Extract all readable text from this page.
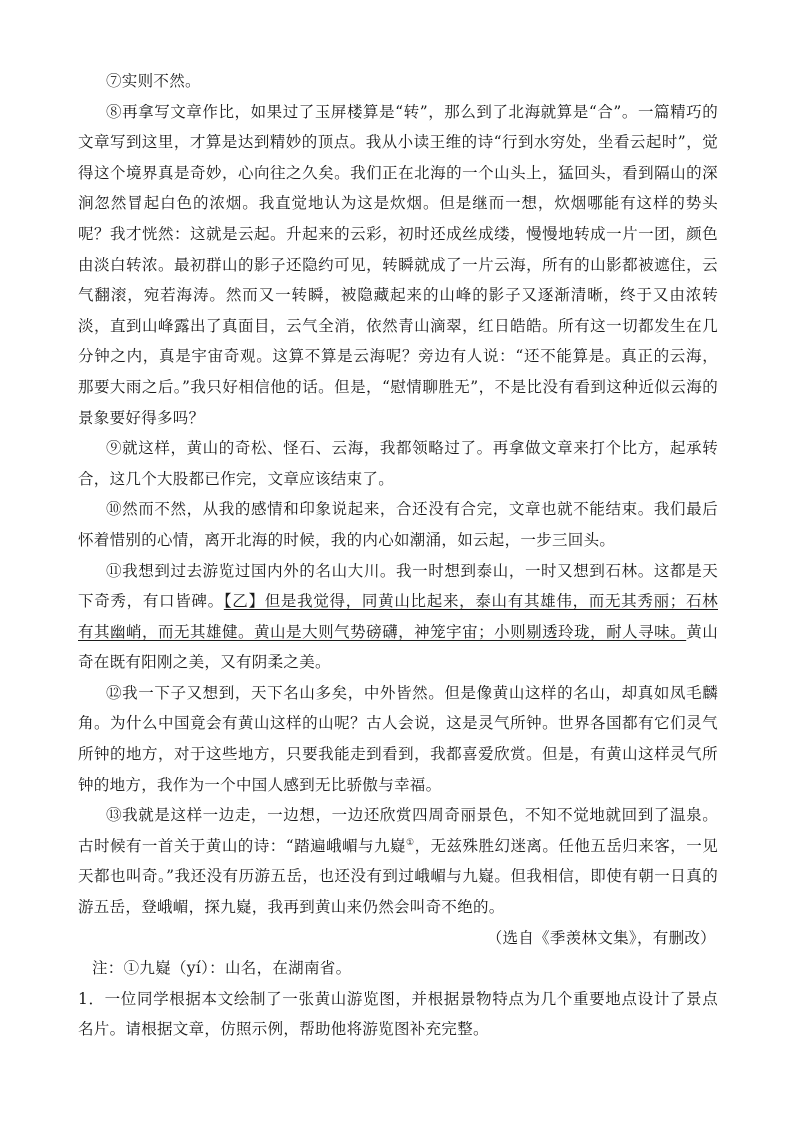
⑦实则不然。

⑧再拿写文章作比，如果过了玉屏楼算是“转”，那么到了北海就算是“合”。一篇精巧的文章写到这里，才算是达到精妙的顶点。我从小读王维的诗“行到水穷处，坐看云起时”，觉得这个境界真是奇妙，心向往之久矣。我们正在北海的一个山头上，猛回头，看到隔山的深涧忽然冒起白色的浓烟。我直觉地认为这是炊烟。但是继而一想，炊烟哪能有这样的势头呢？我才恍然：这就是云起。升起来的云彩，初时还成丝成缕，慢慢地转成一片一团，颜色由淡白转浓。最初群山的影子还隐约可见，转瞬就成了一片云海，所有的山影都被遮住，云气翻滚，宛若海涛。然而又一转瞬，被隐藏起来的山峰的影子又逐渐清晰，终于又由浓转淡，直到山峰露出了真面目，云气全消，依然青山滴翠，红日皓皓。所有这一切都发生在几分钟之内，真是宇宙奇观。这算不算是云海呢？旁边有人说：“还不能算是。真正的云海，那要大雨之后。”我只好相信他的话。但是，“慰情聊胜无”，不是比没有看到这种近似云海的景象要好得多吗？

⑨就这样，黄山的奇松、怪石、云海，我都领略过了。再拿做文章来打个比方，起承转合，这几个大股都已作完，文章应该结束了。

⑩然而不然，从我的感情和印象说起来，合还没有合完，文章也就不能结束。我们最后怀着惜别的心情，离开北海的时候，我的内心如潮涌，如云起，一步三回头。

⑪我想到过去游览过国内外的名山大川。我一时想到泰山，一时又想到石林。这都是天下奇秀，有口皆碑。【乙】但是我觉得，同黄山比起来，泰山有其雄伟，而无其秀丽；石林有其幽峭，而无其雄健。黄山是大则气势磅礴，神笼宇宙；小则剔透玲珑，耐人寻味。黄山奇在既有阳刚之美，又有阴柔之美。

⑫我一下子又想到，天下名山多矣，中外皆然。但是像黄山这样的名山，却真如凤毛麟角。为什么中国竟会有黄山这样的山呢？古人会说，这是灵气所钟。世界各国都有它们灵气所钟的地方，对于这些地方，只要我能走到看到，我都喜爱欣赏。但是，有黄山这样灵气所钟的地方，我作为一个中国人感到无比骄傲与幸福。

⑬我就是这样一边走，一边想，一边还欣赏四周奇丽景色，不知不觉地就回到了温泉。古时候有一首关于黄山的诗：“踏遍峨嵋与九嶷①，无兹殊胜幻迷离。任他五岳归来客，一见天都也叫奇。”我还没有历游五岳，也还没有到过峨嵋与九嶷。但我相信，即使有朝一日真的游五岳，登峨嵋，探九嶷，我再到黄山来仍然会叫奇不绝的。

（选自《季羡林文集》，有删改）

注：①九嶷（yí）：山名，在湖南省。

1．一位同学根据本文绘制了一张黄山游览图，并根据景物特点为几个重要地点设计了景点名片。请根据文章，仿照示例，帮助他将游览图补充完整。
